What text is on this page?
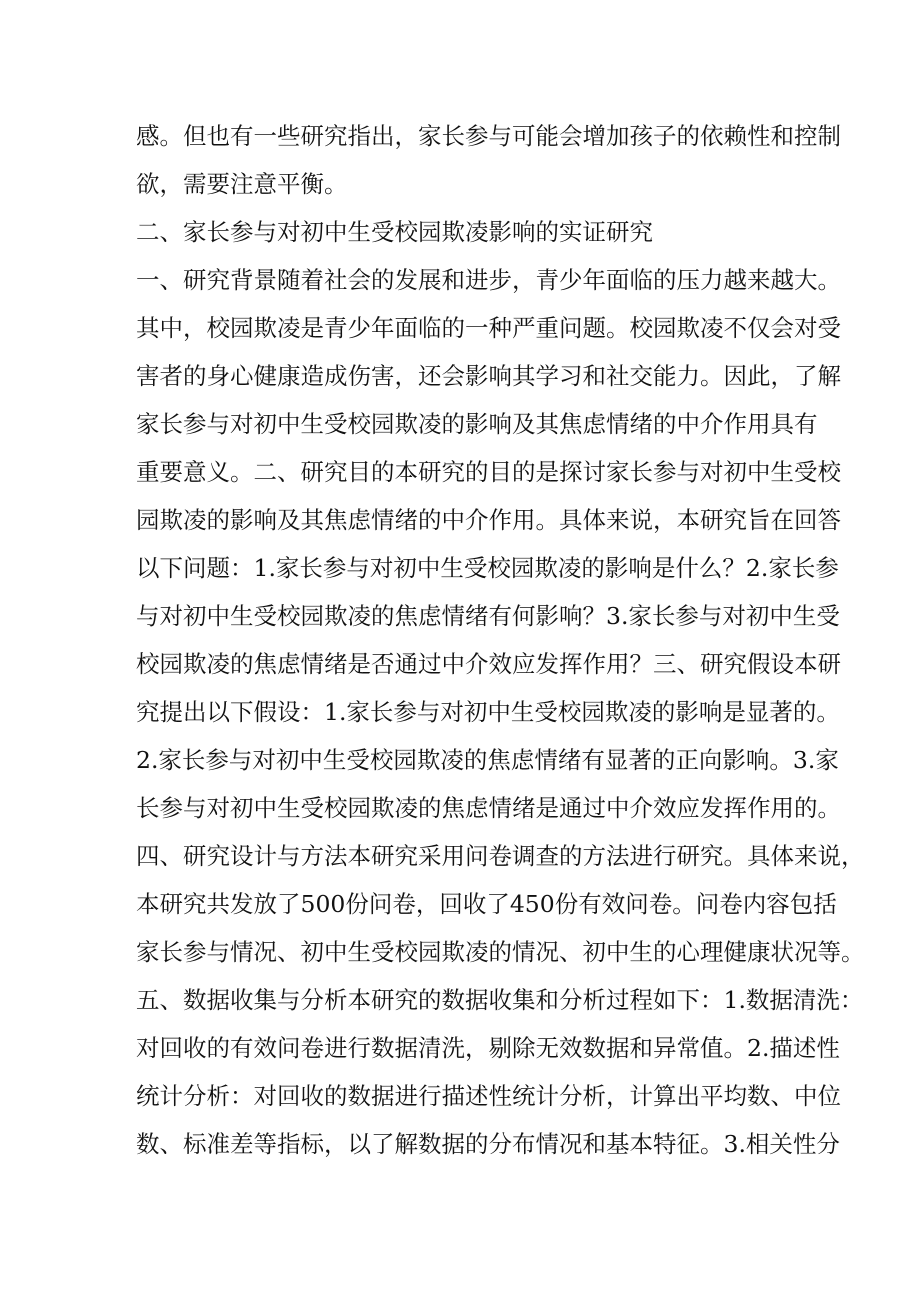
感。但也有一些研究指出，家长参与可能会增加孩子的依赖性和控制

欲，需要注意平衡。

二、家长参与对初中生受校园欺凌影响的实证研究

一、研究背景随着社会的发展和进步，青少年面临的压力越来越大。

其中，校园欺凌是青少年面临的一种严重问题。校园欺凌不仅会对受

害者的身心健康造成伤害，还会影响其学习和社交能力。因此，了解

家长参与对初中生受校园欺凌的影响及其焦虑情绪的中介作用具有

重要意义。二、研究目的本研究的目的是探讨家长参与对初中生受校

园欺凌的影响及其焦虑情绪的中介作用。具体来说，本研究旨在回答

以下问题：1.家长参与对初中生受校园欺凌的影响是什么？2.家长参

与对初中生受校园欺凌的焦虑情绪有何影响？3.家长参与对初中生受

校园欺凌的焦虑情绪是否通过中介效应发挥作用？三、研究假设本研

究提出以下假设：1.家长参与对初中生受校园欺凌的影响是显著的。

2.家长参与对初中生受校园欺凌的焦虑情绪有显著的正向影响。3.家

长参与对初中生受校园欺凌的焦虑情绪是通过中介效应发挥作用的。

四、研究设计与方法本研究采用问卷调查的方法进行研究。具体来说，

本研究共发放了500份问卷，回收了450份有效问卷。问卷内容包括

家长参与情况、初中生受校园欺凌的情况、初中生的心理健康状况等。

五、数据收集与分析本研究的数据收集和分析过程如下：1.数据清洗：

对回收的有效问卷进行数据清洗，剔除无效数据和异常值。2.描述性

统计分析：对回收的数据进行描述性统计分析，计算出平均数、中位

数、标准差等指标，以了解数据的分布情况和基本特征。3.相关性分
